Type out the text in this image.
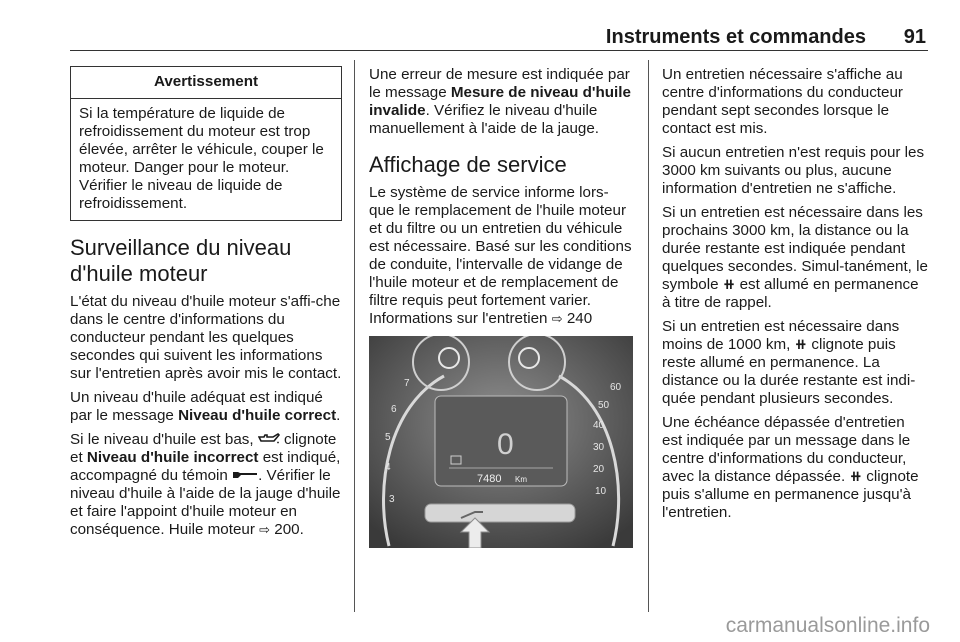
Instruments et commandes 91
Avertissement
Si la température de liquide de refroidissement du moteur est trop élevée, arrêter le véhicule, couper le moteur. Danger pour le moteur. Vérifier le niveau de liquide de refroidissement.
Surveillance du niveau d'huile moteur

L'état du niveau d'huile moteur s'affi-che dans le centre d'informations du conducteur pendant les quelques secondes qui suivent les informations sur l'entretien après avoir mis le contact.

Un niveau d'huile adéquat est indiqué par le message Niveau d'huile correct.

Si le niveau d'huile est bas,  clignote et Niveau d'huile incorrect est indiqué, accompagné du témoin . Vérifier le niveau d'huile à l'aide de la jauge d'huile et faire l'appoint d'huile moteur en conséquence. Huile moteur ⇨ 200.

Une erreur de mesure est indiquée par le message Mesure de niveau d'huile invalide. Vérifiez le niveau d'huile manuellement à l'aide de la jauge.

Affichage de service

Le système de service informe lors-que le remplacement de l'huile moteur et du filtre ou un entretien du véhicule est nécessaire. Basé sur les conditions de conduite, l'intervalle de vidange de l'huile moteur et de remplacement de filtre requis peut fortement varier. Informations sur l'entretien ⇨ 240

7
6
5
4
3
60
50
40
30
20
10
0
7480 Km

Un entretien nécessaire s'affiche au centre d'informations du conducteur pendant sept secondes lorsque le contact est mis.

Si aucun entretien n'est requis pour les 3000 km suivants ou plus, aucune information d'entretien ne s'affiche.

Si un entretien est nécessaire dans les prochains 3000 km, la distance ou la durée restante est indiquée pendant quelques secondes. Simul-tanément, le symbole ⧺ est allumé en permanence à titre de rappel.

Si un entretien est nécessaire dans moins de 1000 km, ⧺ clignote puis reste allumé en permanence. La distance ou la durée restante est indi-quée pendant plusieurs secondes.

Une échéance dépassée d'entretien est indiquée par un message dans le centre d'informations du conducteur, avec la distance dépassée. ⧺ clignote puis s'allume en permanence jusqu'à l'entretien.

carmanualsonline.info
